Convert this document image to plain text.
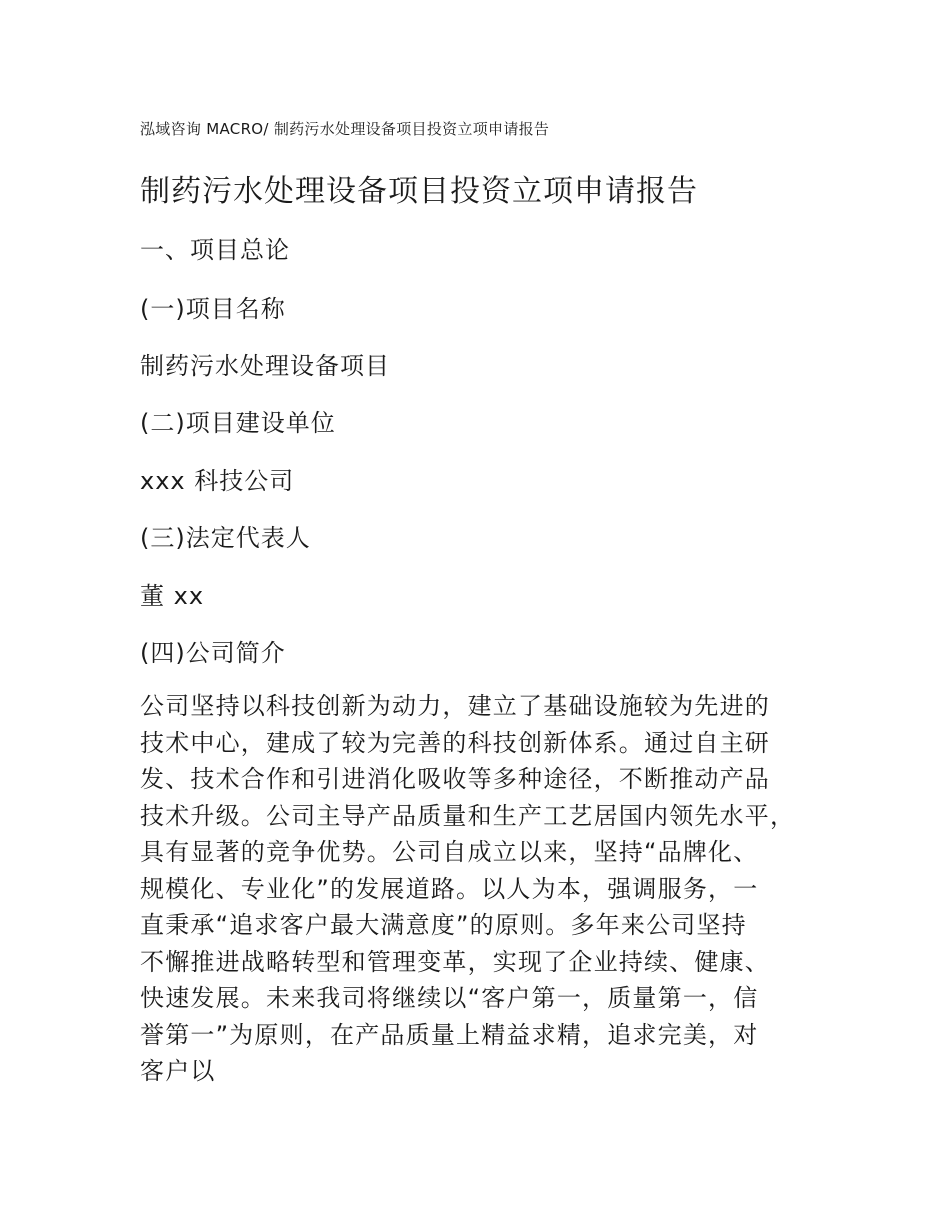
泓域咨询 MACRO/ 制药污水处理设备项目投资立项申请报告
制药污水处理设备项目投资立项申请报告
一、项目总论
(一)项目名称
制药污水处理设备项目
(二)项目建设单位
xxx 科技公司
(三)法定代表人
董 xx
(四)公司简介
公司坚持以科技创新为动力，建立了基础设施较为先进的
技术中心，建成了较为完善的科技创新体系。通过自主研
发、技术合作和引进消化吸收等多种途径，不断推动产品
技术升级。公司主导产品质量和生产工艺居国内领先水平，
具有显著的竞争优势。公司自成立以来，坚持“品牌化、
规模化、专业化”的发展道路。以人为本，强调服务，一
直秉承“追求客户最大满意度”的原则。多年来公司坚持
不懈推进战略转型和管理变革，实现了企业持续、健康、
快速发展。未来我司将继续以“客户第一，质量第一，信
誉第一”为原则，在产品质量上精益求精，追求完美，对
客户以
